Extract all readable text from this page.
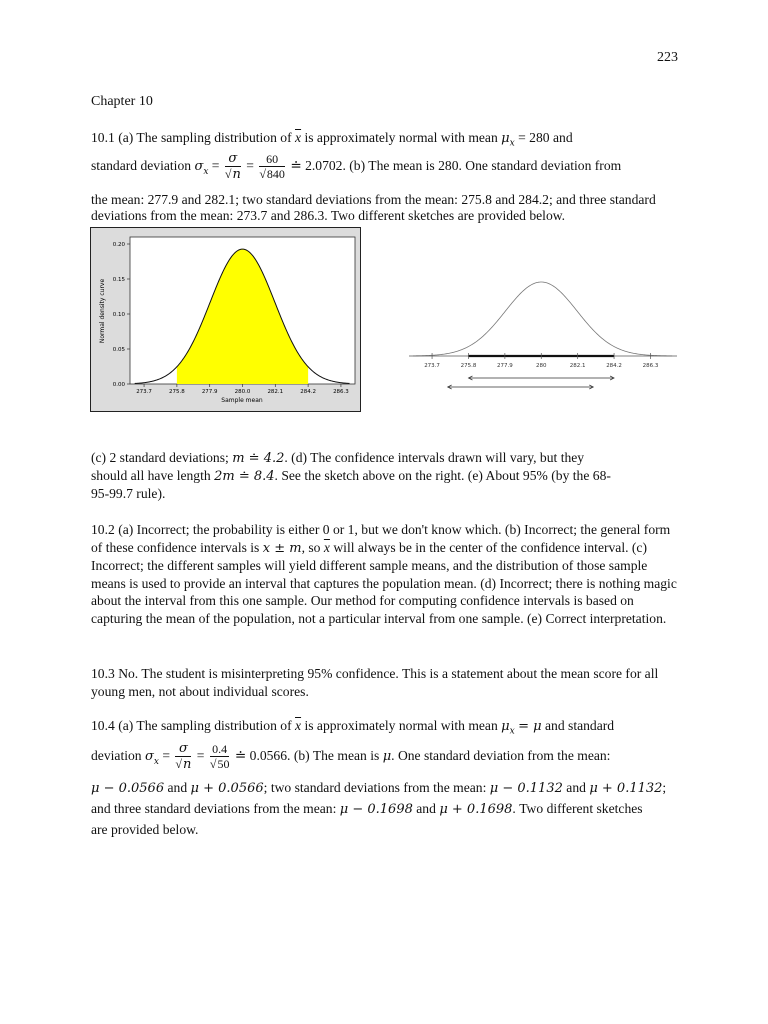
223
Chapter 10
10.1 (a) The sampling distribution of $\overline{x}$ is approximately normal with mean $\mu_x = 280$ and
standard deviation $\sigma_x = \frac{\sigma}{√n} = \frac{60}{√840}$ ≐ 2.0702. (b) The mean is 280. One standard deviation from
the mean: 277.9 and 282.1; two standard deviations from the mean: 275.8 and 284.2; and three standard deviations from the mean: 273.7 and 286.3. Two different sketches are provided below.
273.7	275.8	277.9	280.0	282.1	284.2	286.3
0.00
0.05
0.10
0.15
0.20
Sample mean
Normal density curve
273.7	275.8	277.9	280	282.1	284.2	286.3
(c) 2 standard deviations; m ≐ 4.2. (d) The confidence intervals drawn will vary, but they
should all have length 2m ≐ 8.4. See the sketch above on the right. (e) About 95% (by the 68-
95-99.7 rule).
10.2 (a) Incorrect; the probability is either 0 or 1, but we don't know which. (b) Incorrect; the general form of these confidence intervals is x ± m, so $\overline{x}$ will always be in the center of the confidence interval. (c) Incorrect; the different samples will yield different sample means, and the distribution of those sample means is used to provide an interval that captures the population mean. (d) Incorrect; there is nothing magic about the interval from this one sample. Our method for computing confidence intervals is based on capturing the mean of the population, not a particular interval from one sample. (e) Correct interpretation.
10.3 No. The student is misinterpreting 95% confidence. This is a statement about the mean score for all young men, not about individual scores.
10.4 (a) The sampling distribution of $\overline{x}$ is approximately normal with mean $\mu_x = \mu$ and standard
deviation $\sigma_x = \frac{\sigma}{√n} = \frac{0.4}{√50}$ ≐ 0.0566. (b) The mean is μ. One standard deviation from the mean:
μ − 0.0566 and μ + 0.0566; two standard deviations from the mean: μ − 0.1132 and μ + 0.1132;
and three standard deviations from the mean: μ − 0.1698 and μ + 0.1698. Two different sketches
are provided below.
